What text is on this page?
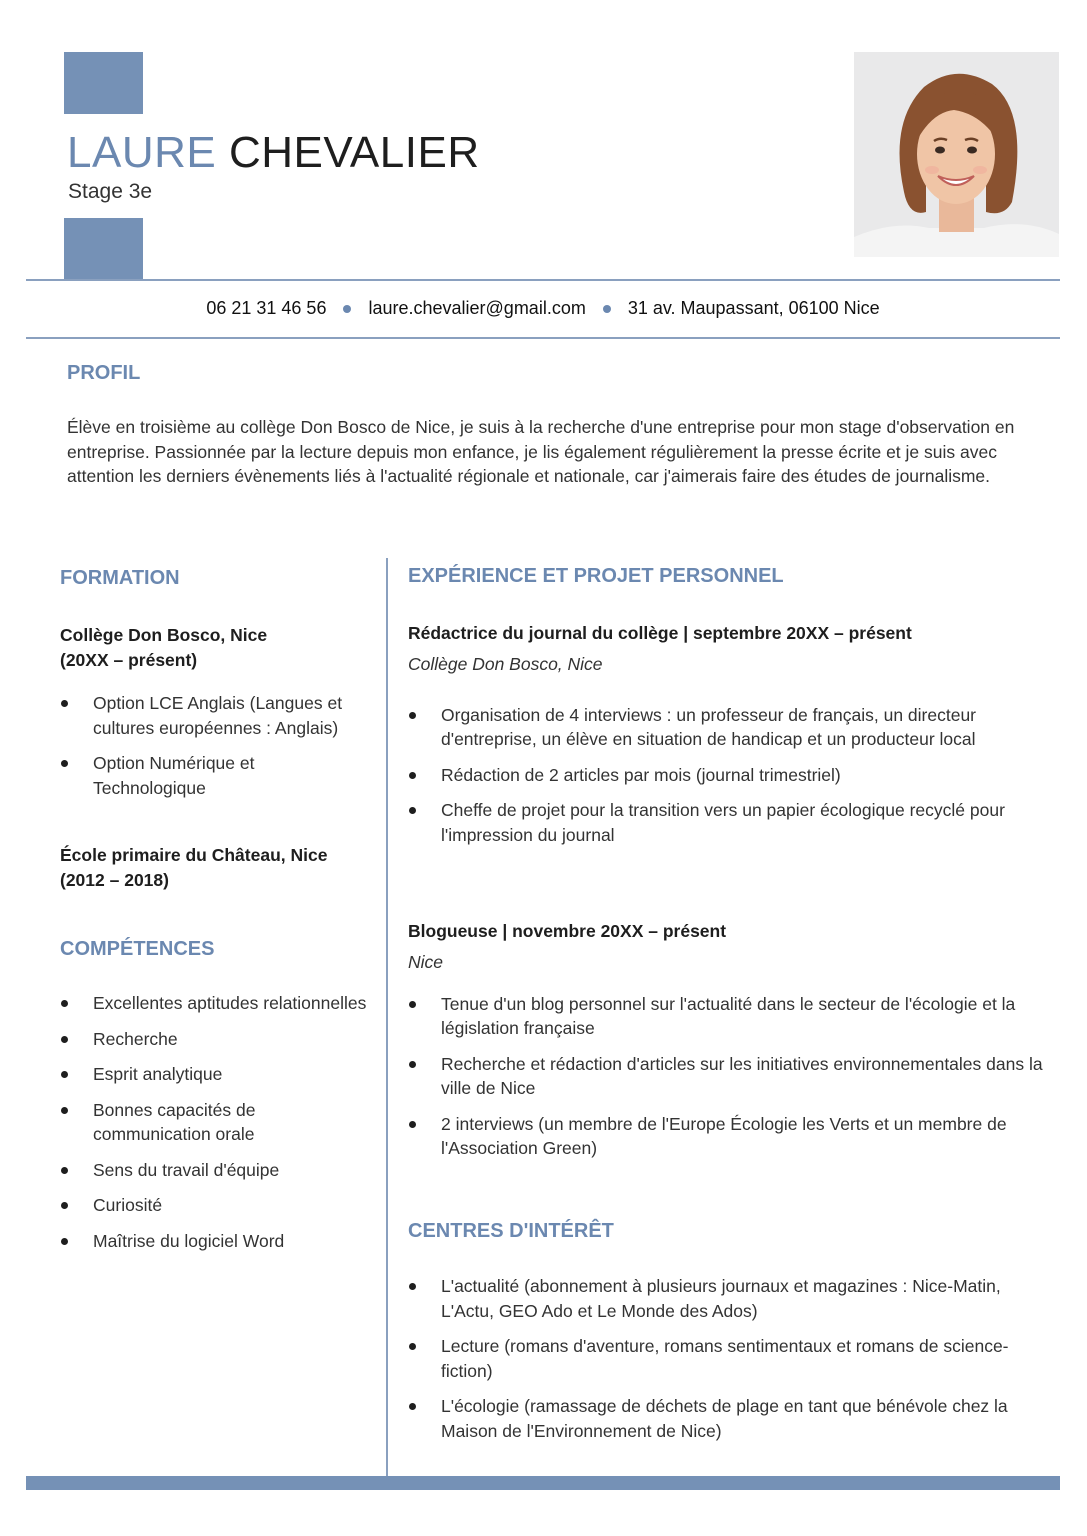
LAURE CHEVALIER
Stage 3e
06 21 31 46 56 laure.chevalier@gmail.com 31 av. Maupassant, 06100 Nice
PROFIL

Élève en troisième au collège Don Bosco de Nice, je suis à la recherche d'une entreprise pour mon stage d'observation en entreprise. Passionnée par la lecture depuis mon enfance, je lis également régulièrement la presse écrite et je suis avec attention les derniers évènements liés à l'actualité régionale et nationale, car j'aimerais faire des études de journalisme.

FORMATION
Collège Don Bosco, Nice
(20XX – présent)
Option LCE Anglais (Langues et cultures européennes : Anglais)
Option Numérique et Technologique
École primaire du Château, Nice
(2012 – 2018)
COMPÉTENCES
Excellentes aptitudes relationnelles
Recherche
Esprit analytique
Bonnes capacités de communication orale
Sens du travail d'équipe
Curiosité
Maîtrise du logiciel Word
EXPÉRIENCE ET PROJET PERSONNEL
Rédactrice du journal du collège | septembre 20XX – présent
Collège Don Bosco, Nice
Organisation de 4 interviews : un professeur de français, un directeur d'entreprise, un élève en situation de handicap et un producteur local
Rédaction de 2 articles par mois (journal trimestriel)
Cheffe de projet pour la transition vers un papier écologique recyclé pour l'impression du journal
Blogueuse | novembre 20XX – présent
Nice
Tenue d'un blog personnel sur l'actualité dans le secteur de l'écologie et la législation française
Recherche et rédaction d'articles sur les initiatives environnementales dans la ville de Nice
2 interviews (un membre de l'Europe Écologie les Verts et un membre de l'Association Green)
CENTRES D'INTÉRÊT
L'actualité (abonnement à plusieurs journaux et magazines : Nice-Matin, L'Actu, GEO Ado et Le Monde des Ados)
Lecture (romans d'aventure, romans sentimentaux et romans de science-fiction)
L'écologie (ramassage de déchets de plage en tant que bénévole chez la Maison de l'Environnement de Nice)
